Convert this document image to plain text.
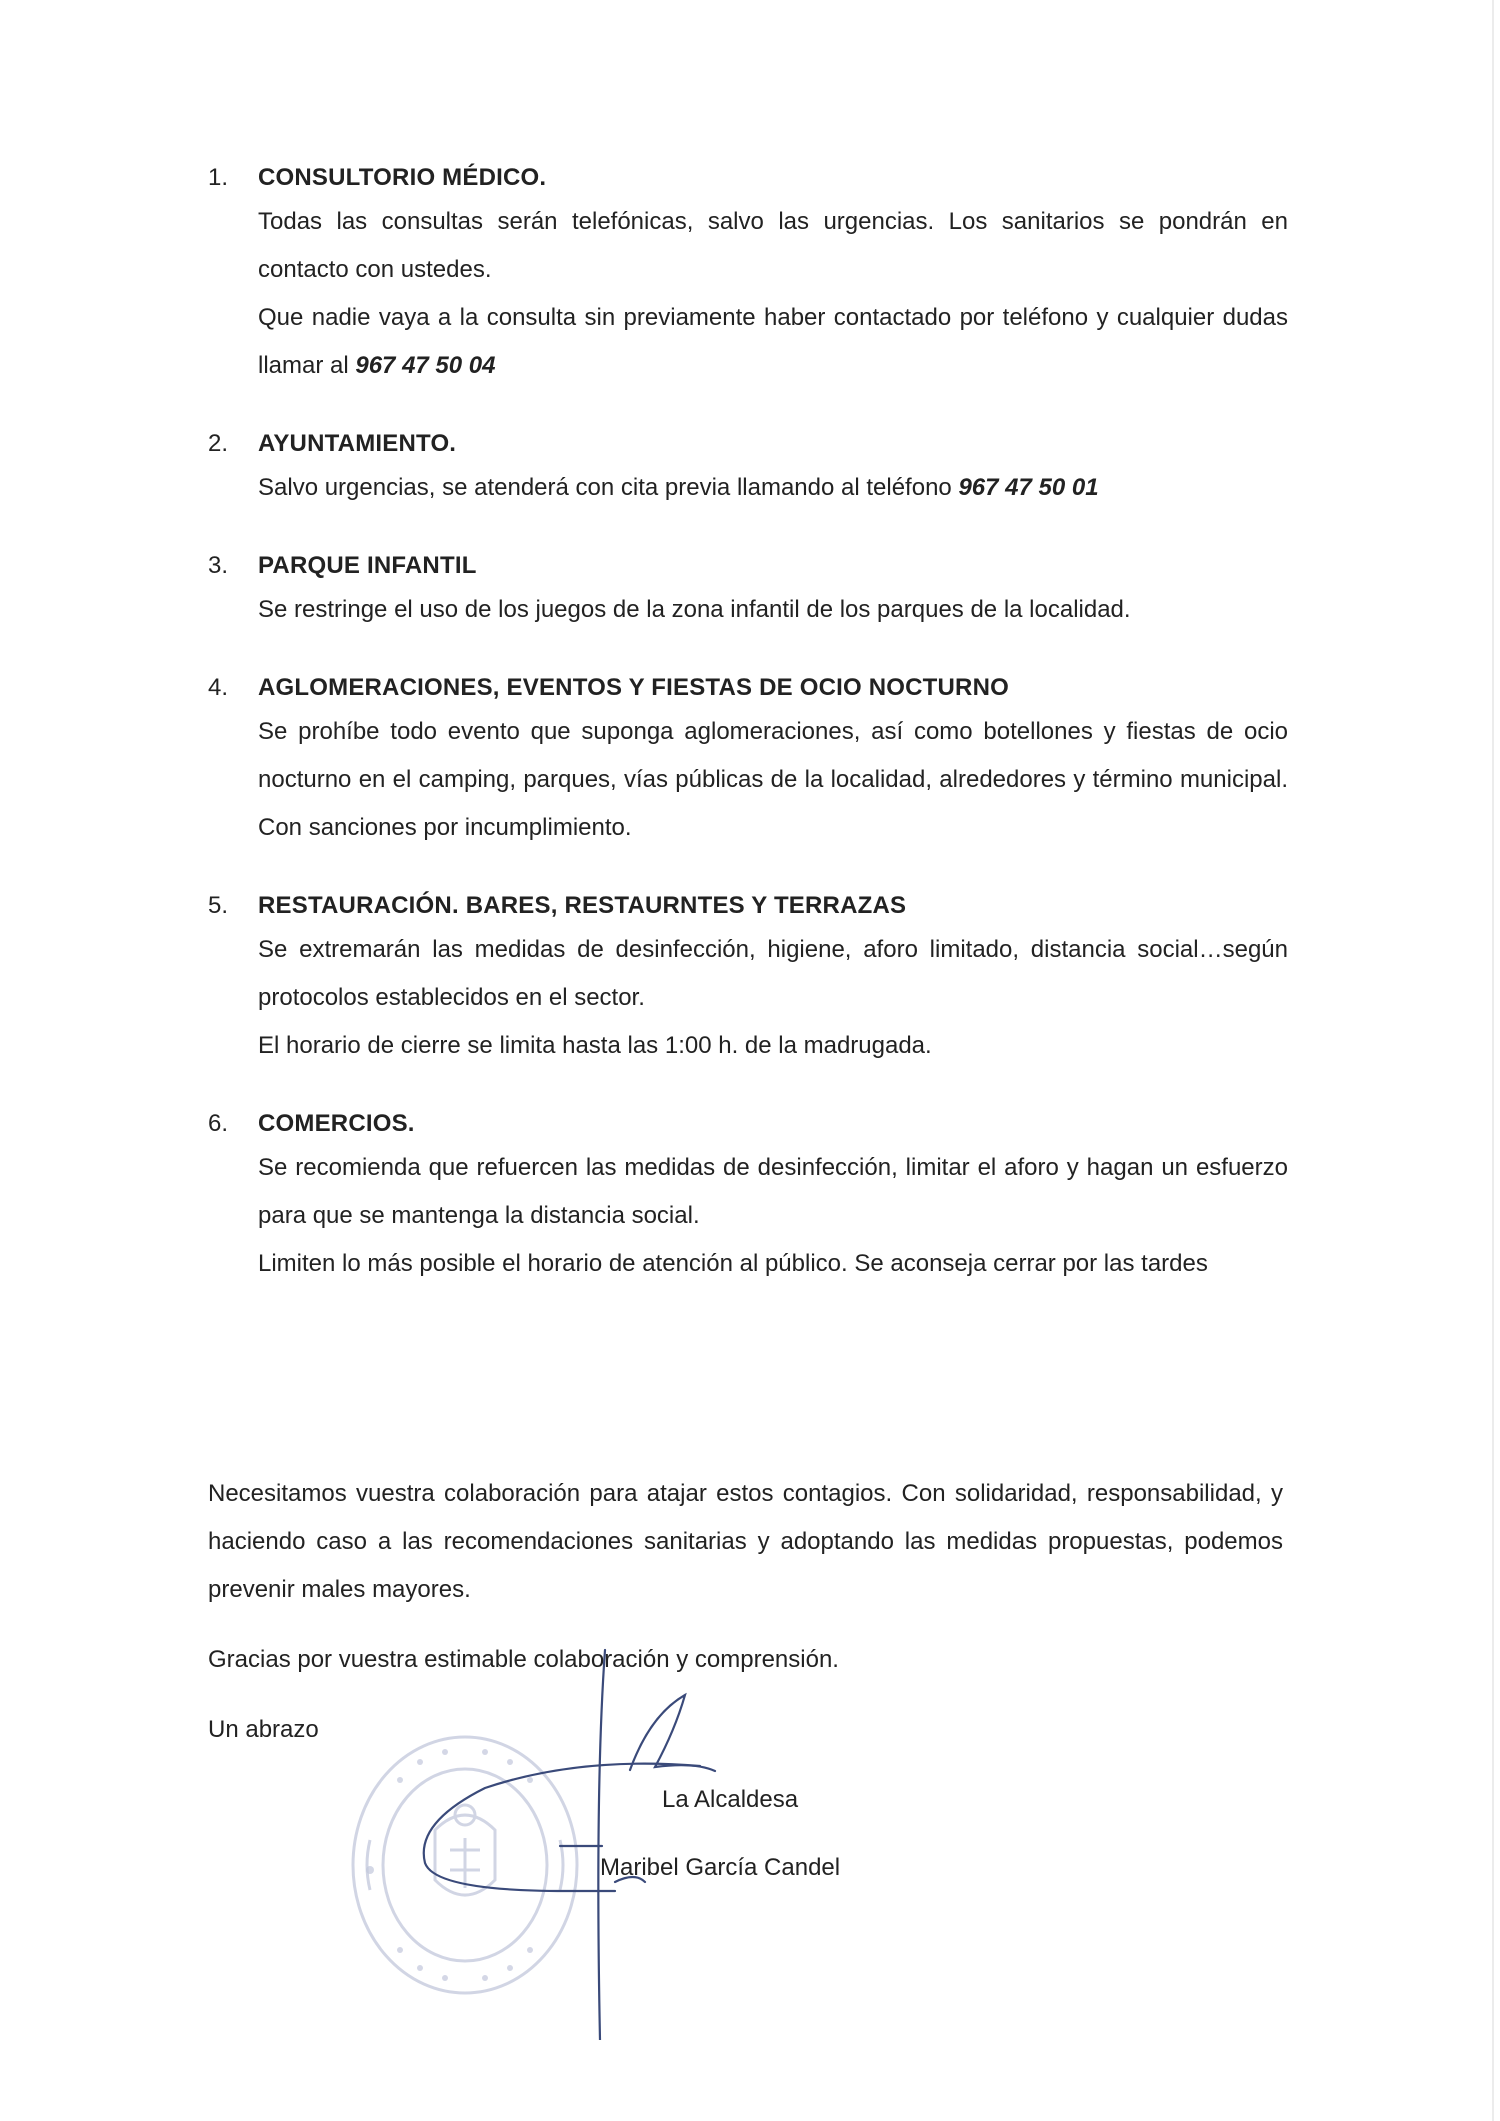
1.	CONSULTORIO MÉDICO.

Todas las consultas serán telefónicas, salvo las urgencias. Los sanitarios se pondrán en contacto con ustedes.

Que nadie vaya a la consulta sin previamente haber contactado por teléfono y cualquier dudas llamar al 967 47 50 04

2.	AYUNTAMIENTO.

Salvo urgencias, se atenderá con cita previa llamando al teléfono 967 47 50 01

3.	PARQUE INFANTIL

Se restringe el uso de los juegos de la zona infantil de los parques de la localidad.

4.	AGLOMERACIONES, EVENTOS Y FIESTAS DE OCIO NOCTURNO

Se prohíbe todo evento que suponga aglomeraciones, así como botellones y fiestas de ocio nocturno en el camping, parques, vías públicas de la localidad, alrededores y término municipal. Con sanciones por incumplimiento.

5.	RESTAURACIÓN. BARES, RESTAURNTES Y TERRAZAS

Se extremarán las medidas de desinfección, higiene, aforo limitado, distancia social…según protocolos establecidos en el sector.

El horario de cierre se limita hasta las 1:00 h. de la madrugada.

6.	COMERCIOS.

Se recomienda que refuercen las medidas de desinfección, limitar el aforo y hagan un esfuerzo para que se mantenga la distancia social.

Limiten lo más posible el horario de atención al público. Se aconseja cerrar por las tardes

Necesitamos vuestra colaboración para atajar estos contagios. Con solidaridad, responsabilidad, y haciendo caso a las recomendaciones sanitarias y adoptando las medidas propuestas, podemos prevenir males mayores.

Gracias por vuestra estimable colaboración y comprensión.

Un abrazo

La Alcaldesa
Maribel García Candel
